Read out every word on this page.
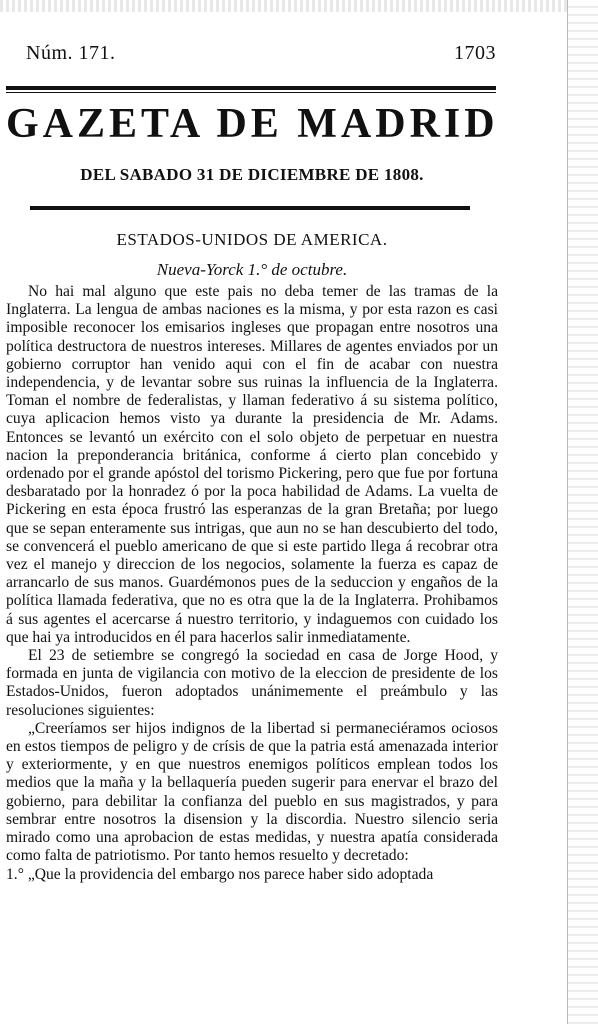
Núm. 171.	1703
GAZETA DE MADRID
DEL SABADO 31 DE DICIEMBRE DE 1808.
ESTADOS-UNIDOS DE AMERICA.
Nueva-Yorck 1.° de octubre.

No hai mal alguno que este pais no deba temer de las tramas de la Inglaterra. La lengua de ambas naciones es la misma, y por esta razon es casi imposible reconocer los emisarios ingleses que propagan entre nosotros una política destructora de nuestros intereses. Millares de agentes enviados por un gobierno corruptor han venido aqui con el fin de acabar con nuestra independencia, y de levantar sobre sus ruinas la influencia de la Inglaterra. Toman el nombre de federalistas, y llaman federativo á su sistema político, cuya aplicacion hemos visto ya durante la presidencia de Mr. Adams. Entonces se levantó un exército con el solo objeto de perpetuar en nuestra nacion la preponderancia británica, conforme á cierto plan concebido y ordenado por el grande apóstol del torismo Pickering, pero que fue por fortuna desbaratado por la honradez ó por la poca habilidad de Adams. La vuelta de Pickering en esta época frustró las esperanzas de la gran Bretaña; por luego que se sepan enteramente sus intrigas, que aun no se han descubierto del todo, se convencerá el pueblo americano de que si este partido llega á recobrar otra vez el manejo y direccion de los negocios, solamente la fuerza es capaz de arrancarlo de sus manos. Guardémonos pues de la seduccion y engaños de la política llamada federativa, que no es otra que la de la Inglaterra. Prohibamos á sus agentes el acercarse á nuestro territorio, y indaguemos con cuidado los que hai ya introducidos en él para hacerlos salir inmediatamente.

El 23 de setiembre se congregó la sociedad en casa de Jorge Hood, y formada en junta de vigilancia con motivo de la eleccion de presidente de los Estados-Unidos, fueron adoptados unánimemente el preámbulo y las resoluciones siguientes:

„Creeríamos ser hijos indignos de la libertad si permaneciéramos ociosos en estos tiempos de peligro y de crísis de que la patria está amenazada interior y exteriormente, y en que nuestros enemigos políticos emplean todos los medios que la maña y la bellaquería pueden sugerir para enervar el brazo del gobierno, para debilitar la confianza del pueblo en sus magistrados, y para sembrar entre nosotros la disension y la discordia. Nuestro silencio seria mirado como una aprobacion de estas medidas, y nuestra apatía considerada como falta de patriotismo. Por tanto hemos resuelto y decretado:

1.° „Que la providencia del embargo nos parece haber sido adoptada
